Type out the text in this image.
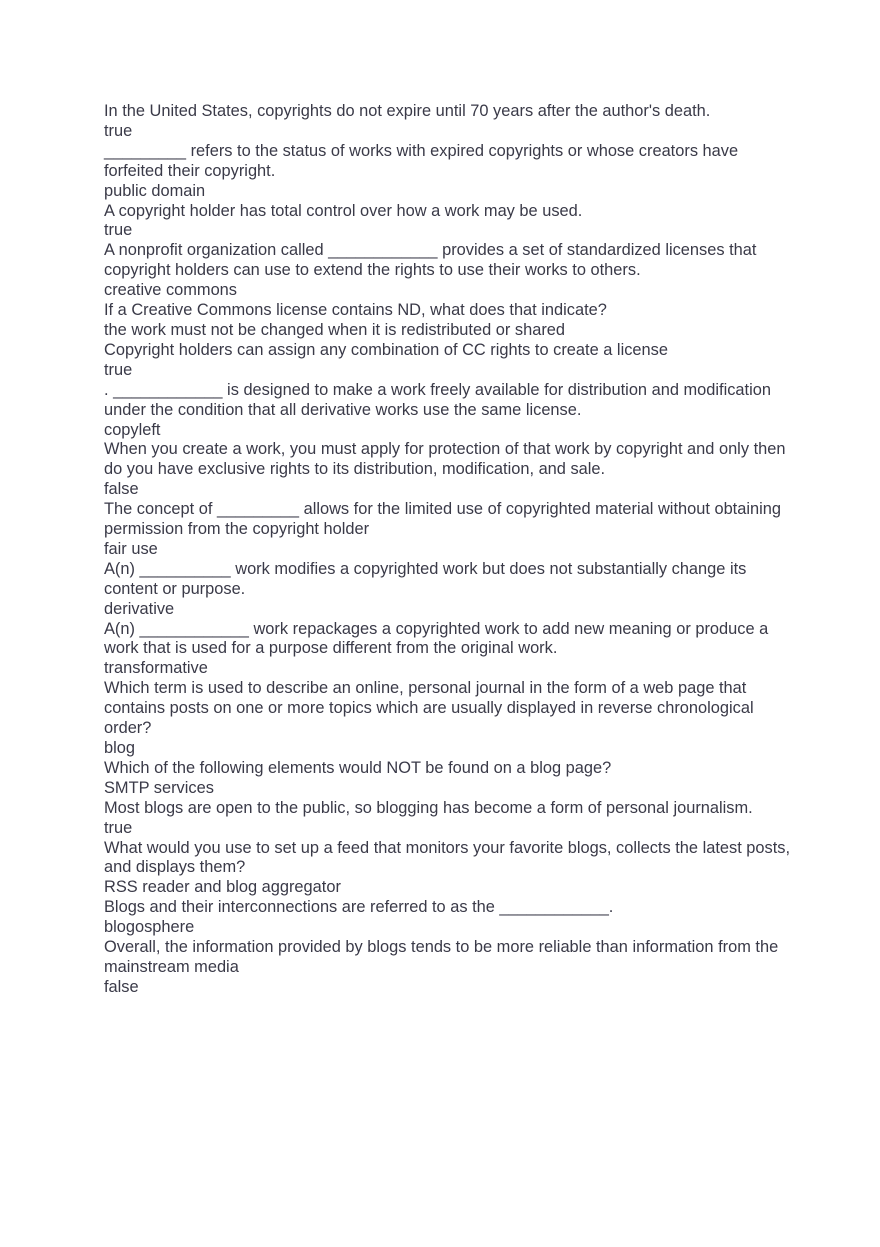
In the United States, copyrights do not expire until 70 years after the author's death.
true
_________ refers to the status of works with expired copyrights or whose creators have forfeited their copyright.
public domain
A copyright holder has total control over how a work may be used.
true
A nonprofit organization called ____________ provides a set of standardized licenses that copyright holders can use to extend the rights to use their works to others.
creative commons
If a Creative Commons license contains ND, what does that indicate?
the work must not be changed when it is redistributed or shared
Copyright holders can assign any combination of CC rights to create a license
true
. ____________ is designed to make a work freely available for distribution and modification under the condition that all derivative works use the same license.
copyleft
When you create a work, you must apply for protection of that work by copyright and only then do you have exclusive rights to its distribution, modification, and sale.
false
The concept of _________ allows for the limited use of copyrighted material without obtaining permission from the copyright holder
fair use
A(n) __________ work modifies a copyrighted work but does not substantially change its content or purpose.
derivative
A(n) ____________ work repackages a copyrighted work to add new meaning or produce a work that is used for a purpose different from the original work.
transformative
Which term is used to describe an online, personal journal in the form of a web page that contains posts on one or more topics which are usually displayed in reverse chronological order?
blog
Which of the following elements would NOT be found on a blog page?
SMTP services
Most blogs are open to the public, so blogging has become a form of personal journalism.
true
What would you use to set up a feed that monitors your favorite blogs, collects the latest posts, and displays them?
RSS reader and blog aggregator
Blogs and their interconnections are referred to as the ____________.
blogosphere
Overall, the information provided by blogs tends to be more reliable than information from the mainstream media
false
